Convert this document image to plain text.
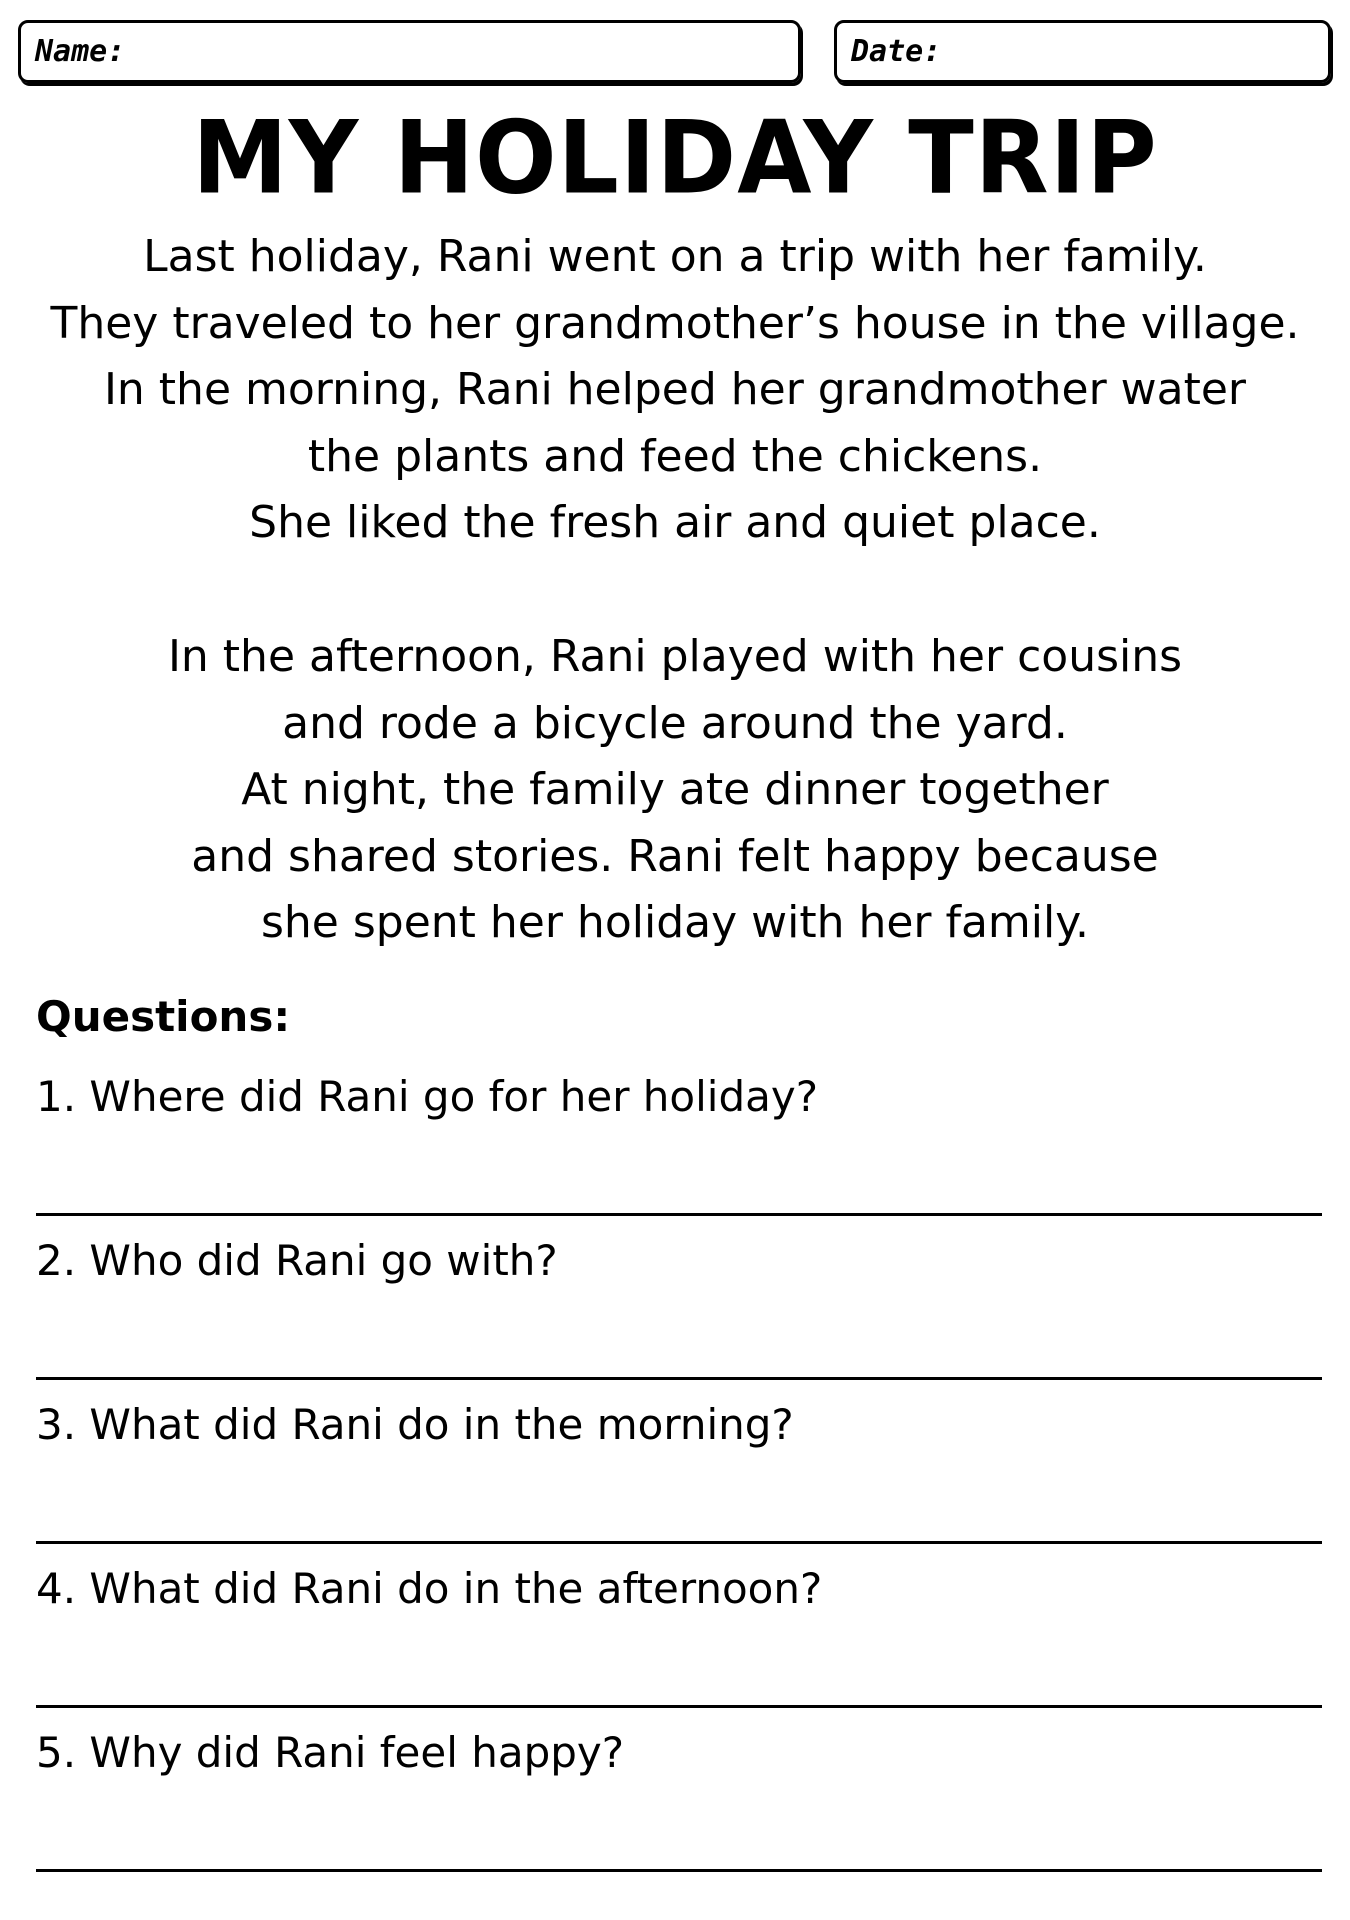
Name:	Date:
MY HOLIDAY TRIP
Last holiday, Rani went on a trip with her family.
They traveled to her grandmother’s house in the village.
In the morning, Rani helped her grandmother water
the plants and feed the chickens.
She liked the fresh air and quiet place.
In the afternoon, Rani played with her cousins
and rode a bicycle around the yard.
At night, the family ate dinner together
and shared stories. Rani felt happy because
she spent her holiday with her family.
Questions:
1. Where did Rani go for her holiday?
2. Who did Rani go with?
3. What did Rani do in the morning?
4. What did Rani do in the afternoon?
5. Why did Rani feel happy?
